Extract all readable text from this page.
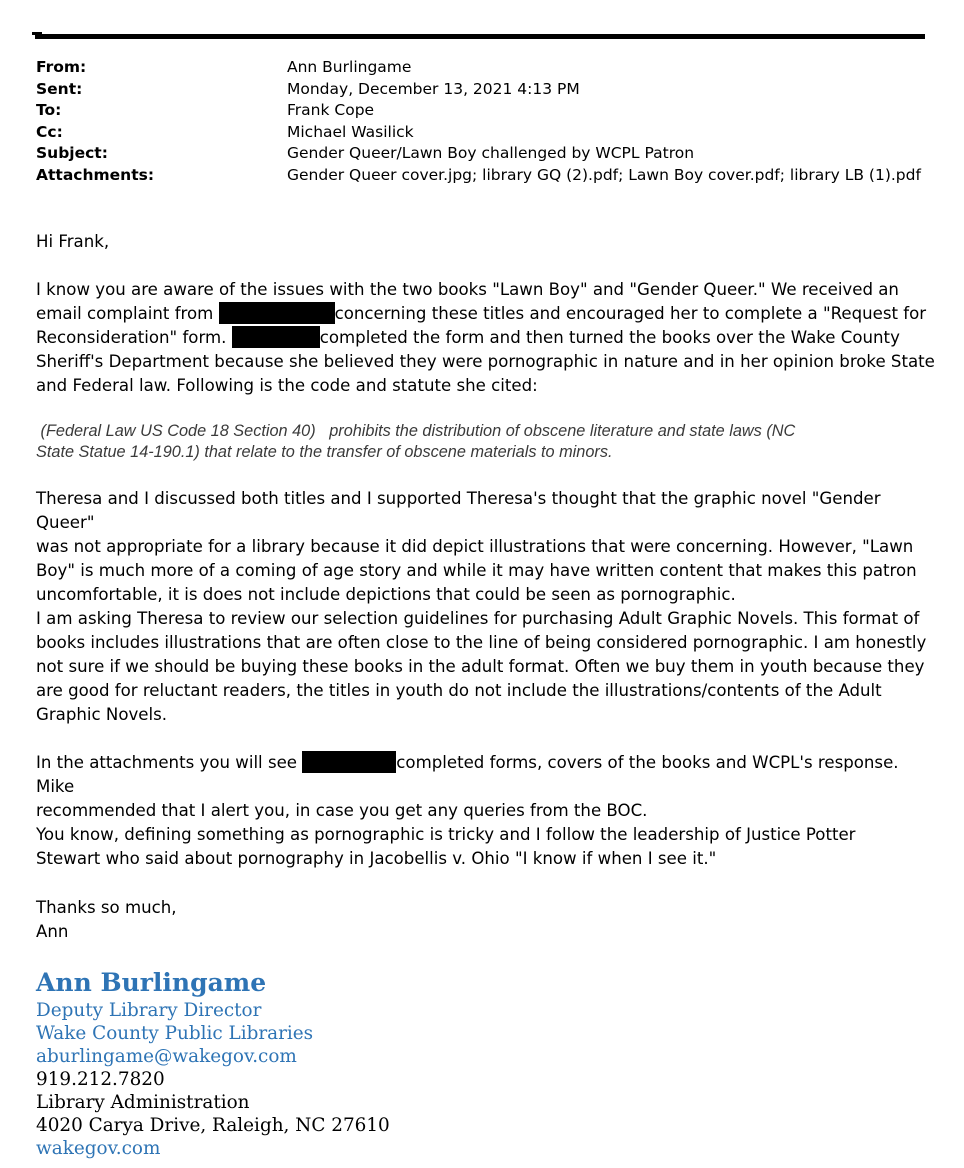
From:	Ann Burlingame
Sent:	Monday, December 13, 2021 4:13 PM
To:	Frank Cope
Cc:	Michael Wasilick
Subject:	Gender Queer/Lawn Boy challenged by WCPL Patron
Attachments:	Gender Queer cover.jpg; library GQ (2).pdf; Lawn Boy cover.pdf; library LB (1).pdf

Hi Frank,

I know you are aware of the issues with the two books "Lawn Boy" and "Gender Queer." We received an
email complaint from	concerning these titles and encouraged her to complete a "Request for
Reconsideration" form.	completed the form and then turned the books over the Wake County
Sheriff's Department because she believed they were pornographic in nature and in her opinion broke State
and Federal law. Following is the code and statute she cited:
(Federal Law US Code 18 Section 40)   prohibits the distribution of obscene literature and state laws (NC
State Statue 14-190.1) that relate to the transfer of obscene materials to minors.
Theresa and I discussed both titles and I supported Theresa's thought that the graphic novel "Gender Queer"
was not appropriate for a library because it did depict illustrations that were concerning. However, "Lawn
Boy" is much more of a coming of age story and while it may have written content that makes this patron
uncomfortable, it is does not include depictions that could be seen as pornographic.
I am asking Theresa to review our selection guidelines for purchasing Adult Graphic Novels. This format of
books includes illustrations that are often close to the line of being considered pornographic. I am honestly
not sure if we should be buying these books in the adult format. Often we buy them in youth because they
are good for reluctant readers, the titles in youth do not include the illustrations/contents of the Adult
Graphic Novels.
In the attachments you will see	completed forms, covers of the books and WCPL's response. Mike
recommended that I alert you, in case you get any queries from the BOC.
You know, defining something as pornographic is tricky and I follow the leadership of Justice Potter
Stewart who said about pornography in Jacobellis v. Ohio "I know if when I see it."
Thanks so much,
Ann
Ann Burlingame
Deputy Library Director
Wake County Public Libraries
aburlingame@wakegov.com
919.212.7820
Library Administration
4020 Carya Drive, Raleigh, NC 27610
wakegov.com
